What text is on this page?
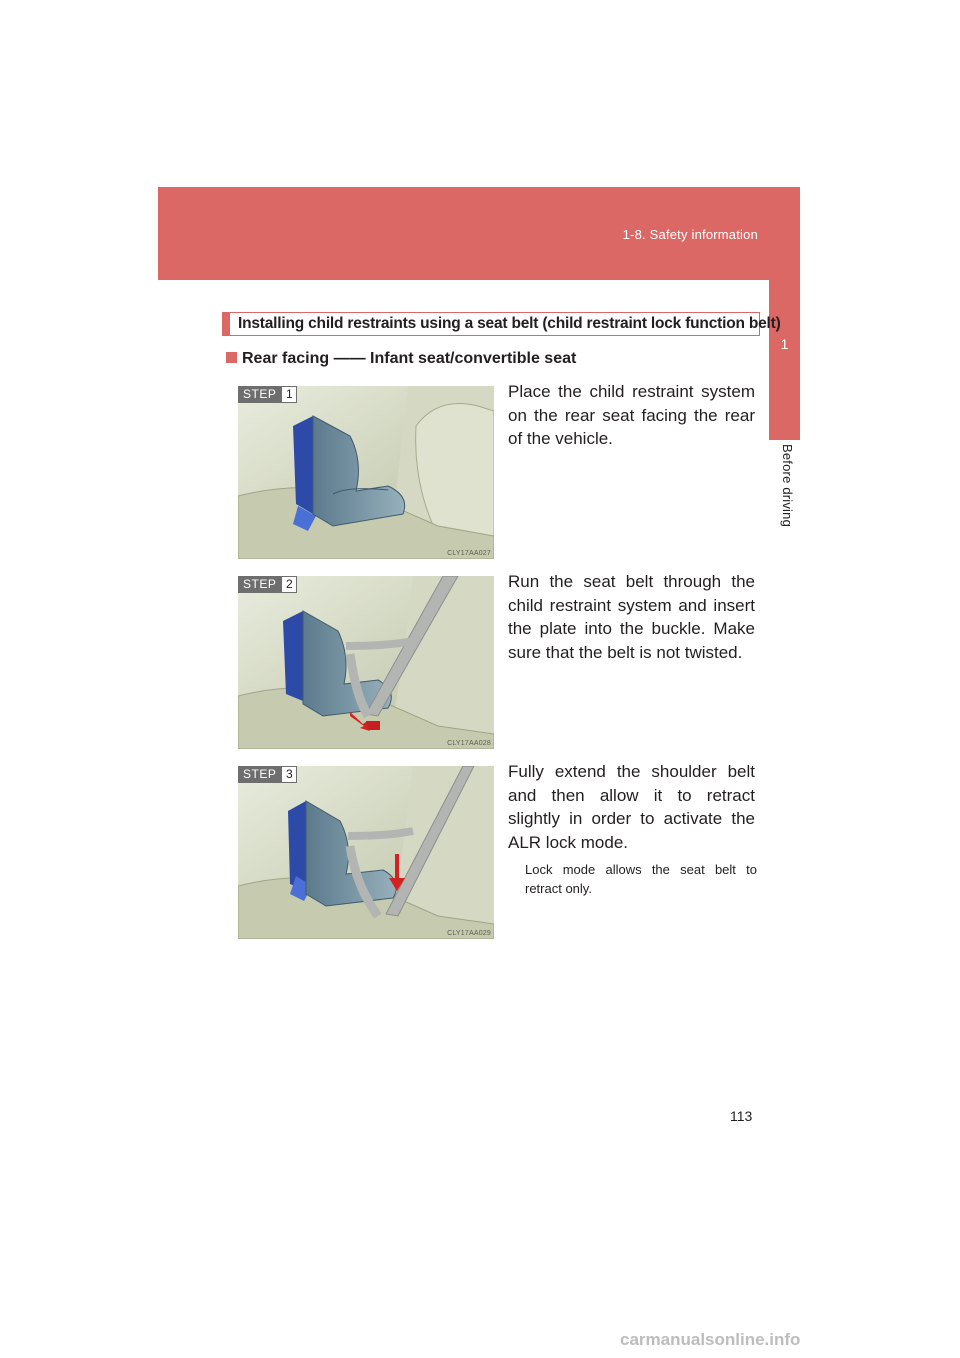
1-8. Safety information
1
Before driving
Installing child restraints using a seat belt (child restraint lock function belt)
Rear facing —— Infant seat/convertible seat
STEP 1
CLY17AA027
Place the child restraint system on the rear seat facing the rear of the vehicle.
STEP 2
CLY17AA028
Run the seat belt through the child restraint system and insert the plate into the buckle. Make sure that the belt is not twisted.
STEP 3
CLY17AA029
Fully extend the shoulder belt and then allow it to retract slightly in order to activate the ALR lock mode.
Lock mode allows the seat belt to retract only.
113
carmanualsonline.info
